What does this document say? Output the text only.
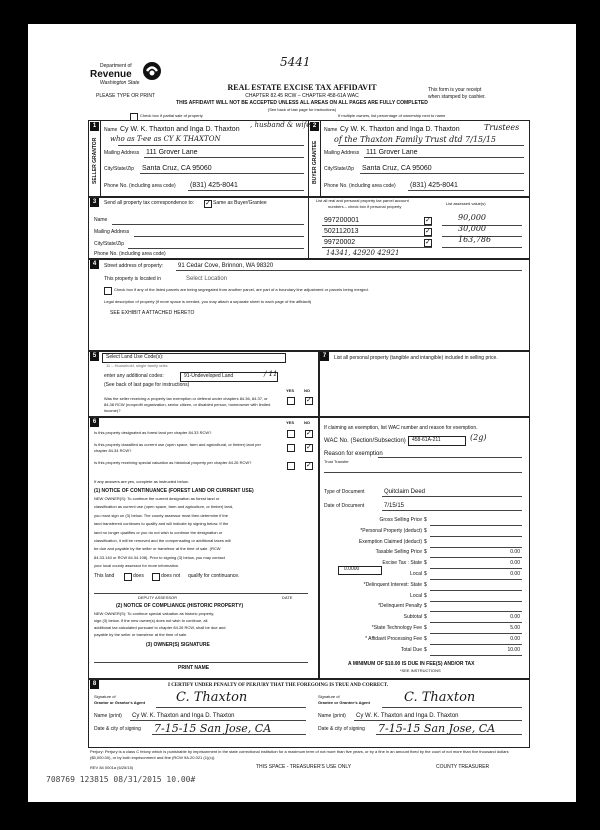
5441
Department of
Revenue
Washington State
PLEASE TYPE OR PRINT
REAL ESTATE EXCISE TAX AFFIDAVIT
CHAPTER 82.45 RCW – CHAPTER 458-61A WAC
THIS AFFIDAVIT WILL NOT BE ACCEPTED UNLESS ALL AREAS ON ALL PAGES ARE FULLY COMPLETED
(See back of last page for instructions)
This form is your receipt
when stamped by cashier.
Check box if partial sale of property	If multiple owners, list percentage of ownership next to name
1	2
SELLER GRANTOR	BUYER GRANTEE
Name Cy W. K. Thaxton and Inga D. Thaxton
, husband & wife
who as T-ee as CY K THAXTON
Mailing Address 111 Grover Lane
City/State/Zip Santa Cruz, CA 95060
Phone No. (including area code) (831) 425-8041
Name Cy W. K. Thaxton and Inga D. Thaxton	Trustees
of the Thaxton Family Trust dtd 7/15/15
Mailing Address 111 Grover Lane
City/State/Zip Santa Cruz, CA 95060
Phone No. (including area code) (831) 425-8041
3	Send all property tax correspondence to:
✓	Same as Buyer/Grantee
Name
Mailing Address
City/State/Zip
Phone No. (including area code)
List all real and personal property tax parcel account
numbers – check box if personal property
List assessed value(s)
997200001
✓
502112013
✓
99720002
✓
14341, 42920 42921
90,000
30,000
163,786
4	Street address of property: 91 Cedar Cove, Brinnon, WA 98320
This property is located in	Select Location
Check box if any of the listed parcels are being segregated from another parcel, are part of a boundary line adjustment or parcels being merged.
Legal description of property (if more space is needed, you may attach a separate sheet to each page of the affidavit)
SEE EXHIBIT A ATTACHED HERETO
5	Select Land Use Code(s):
11 – Household, single family units
enter any additional codes:	91-Undeveloped Land	/ 11
(See back of last page for instructions)
YES NO
Was the seller receiving a property tax exemption or deferral under chapters 84.36, 84.37, or 84.38 RCW (nonprofit organization, senior citizen, or disabled person, homeowner with limited income)?
✓
7	List all personal property (tangible and intangible) included in selling price.
6	YES NO
Is this property designated as forest land per chapter 84.33 RCW?
✓
Is this property classified as current use (open space, farm and agricultural, or timber) land per chapter 84.34 RCW?
✓
Is this property receiving special valuation as historical property per chapter 84.26 RCW?
✓
If any answers are yes, complete as instructed below.
(1) NOTICE OF CONTINUANCE (FOREST LAND OR CURRENT USE)
NEW OWNER(S): To continue the current designation as forest land or
classification as current use (open space, farm and agriculture, or timber) land,
you must sign on (3) below. The county assessor must then determine if the
land transferred continues to qualify and will indicate by signing below. If the
land no longer qualifies or you do not wish to continue the designation or
classification, it will be removed and the compensating or additional taxes will
be due and payable by the seller or transferor at the time of sale. (RCW
84.33.140 or RCW 84.34.108). Prior to signing (3) below, you may contact
your local county assessor for more information.
This land	does	does not qualify for continuance.
DEPUTY ASSESSOR	DATE
(2) NOTICE OF COMPLIANCE (HISTORIC PROPERTY)
NEW OWNER(S): To continue special valuation as historic property,
sign (3) below. If the new owner(s) does not wish to continue, all
additional tax calculated pursuant to chapter 84.26 RCW, shall be due and
payable by the seller or transferor at the time of sale.
(3) OWNER(S) SIGNATURE
PRINT NAME
If claiming an exemption, list WAC number and reason for exemption.
WAC No. (Section/Subsection) 458-61A-211	(2g)
Reason for exemption
Trust Transfer
Type of Document	Quitclaim Deed
Date of Document	7/15/15
Gross Selling Price $
*Personal Property (deduct) $
Exemption Claimed (deduct) $
Taxable Selling Price $	0.00
Excise Tax : State $	0.00
Local $	0.00
*Delinquent Interest: State $
Local $
*Delinquent Penalty $
Subtotal $	0.00
*State Technology Fee $	5.00
* Affidavit Processing Fee $	0.00
Total Due $	10.00
0.0000
A MINIMUM OF $10.00 IS DUE IN FEE(S) AND/OR TAX
*SEE INSTRUCTIONS
8	I CERTIFY UNDER PENALTY OF PERJURY THAT THE FOREGOING IS TRUE AND CORRECT.
Signature of
Grantor or Grantor's Agent C. Thaxton
Name (print) Cy W. K. Thaxton and Inga D. Thaxton
Date & city of signing 7-15-15 San Jose, CA
Signature of
Grantee or Grantee's Agent	C. Thaxton
Name (print) Cy W. K. Thaxton and Inga D. Thaxton
Date & city of signing 7-15-15 San Jose, CA
Perjury: Perjury is a class C felony which is punishable by imprisonment in the state correctional institution for a maximum term of not more than five years, or by a fine in an amount fixed by the court of not more than five thousand dollars ($5,000.00), or by both imprisonment and fine (RCW 9A.20.021 (1)(c)).
REV 84 0001a (6/25/15)	THIS SPACE - TREASURER'S USE ONLY	COUNTY TREASURER
708769 123815 08/31/2015 10.00#
